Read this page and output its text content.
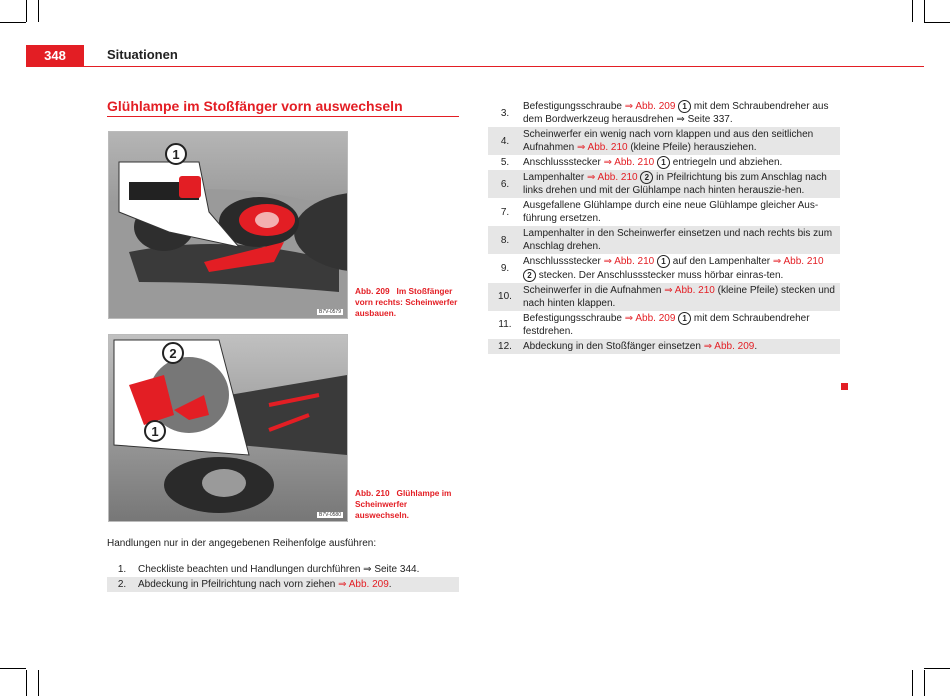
348	Situationen
Glühlampe im Stoßfänger vorn auswechseln
1
B7V-0579
Abb. 209 Im Stoßfänger vorn rechts: Scheinwerfer ausbauen.
2
1
B7V-0580
Abb. 210 Glühlampe im Scheinwerfer auswechseln.
Handlungen nur in der angegebenen Reihenfolge ausführen:
1.	Checkliste beachten und Handlungen durchführen ⇒ Seite 344.
2.	Abdeckung in Pfeilrichtung nach vorn ziehen ⇒ Abb. 209.
3.
Befestigungsschraube ⇒ Abb. 209 1 mit dem Schraubendreher aus dem Bordwerkzeug herausdrehen ⇒ Seite 337.
4.
Scheinwerfer ein wenig nach vorn klappen und aus den seitlichen Aufnahmen ⇒ Abb. 210 (kleine Pfeile) herausziehen.
5.	Anschlussstecker ⇒ Abb. 210 1 entriegeln und abziehen.
6.
Lampenhalter ⇒ Abb. 210 2 in Pfeilrichtung bis zum Anschlag nach links drehen und mit der Glühlampe nach hinten herauszie-hen.
7.
Ausgefallene Glühlampe durch eine neue Glühlampe gleicher Aus-führung ersetzen.
8.
Lampenhalter in den Scheinwerfer einsetzen und nach rechts bis zum Anschlag drehen.
9.
Anschlussstecker ⇒ Abb. 210 1 auf den Lampenhalter ⇒ Abb. 210 2 stecken. Der Anschlussstecker muss hörbar einras-ten.
10.
Scheinwerfer in die Aufnahmen ⇒ Abb. 210 (kleine Pfeile) stecken und nach hinten klappen.
11.
Befestigungsschraube ⇒ Abb. 209 1 mit dem Schraubendreher festdrehen.
12.	Abdeckung in den Stoßfänger einsetzen ⇒ Abb. 209.
